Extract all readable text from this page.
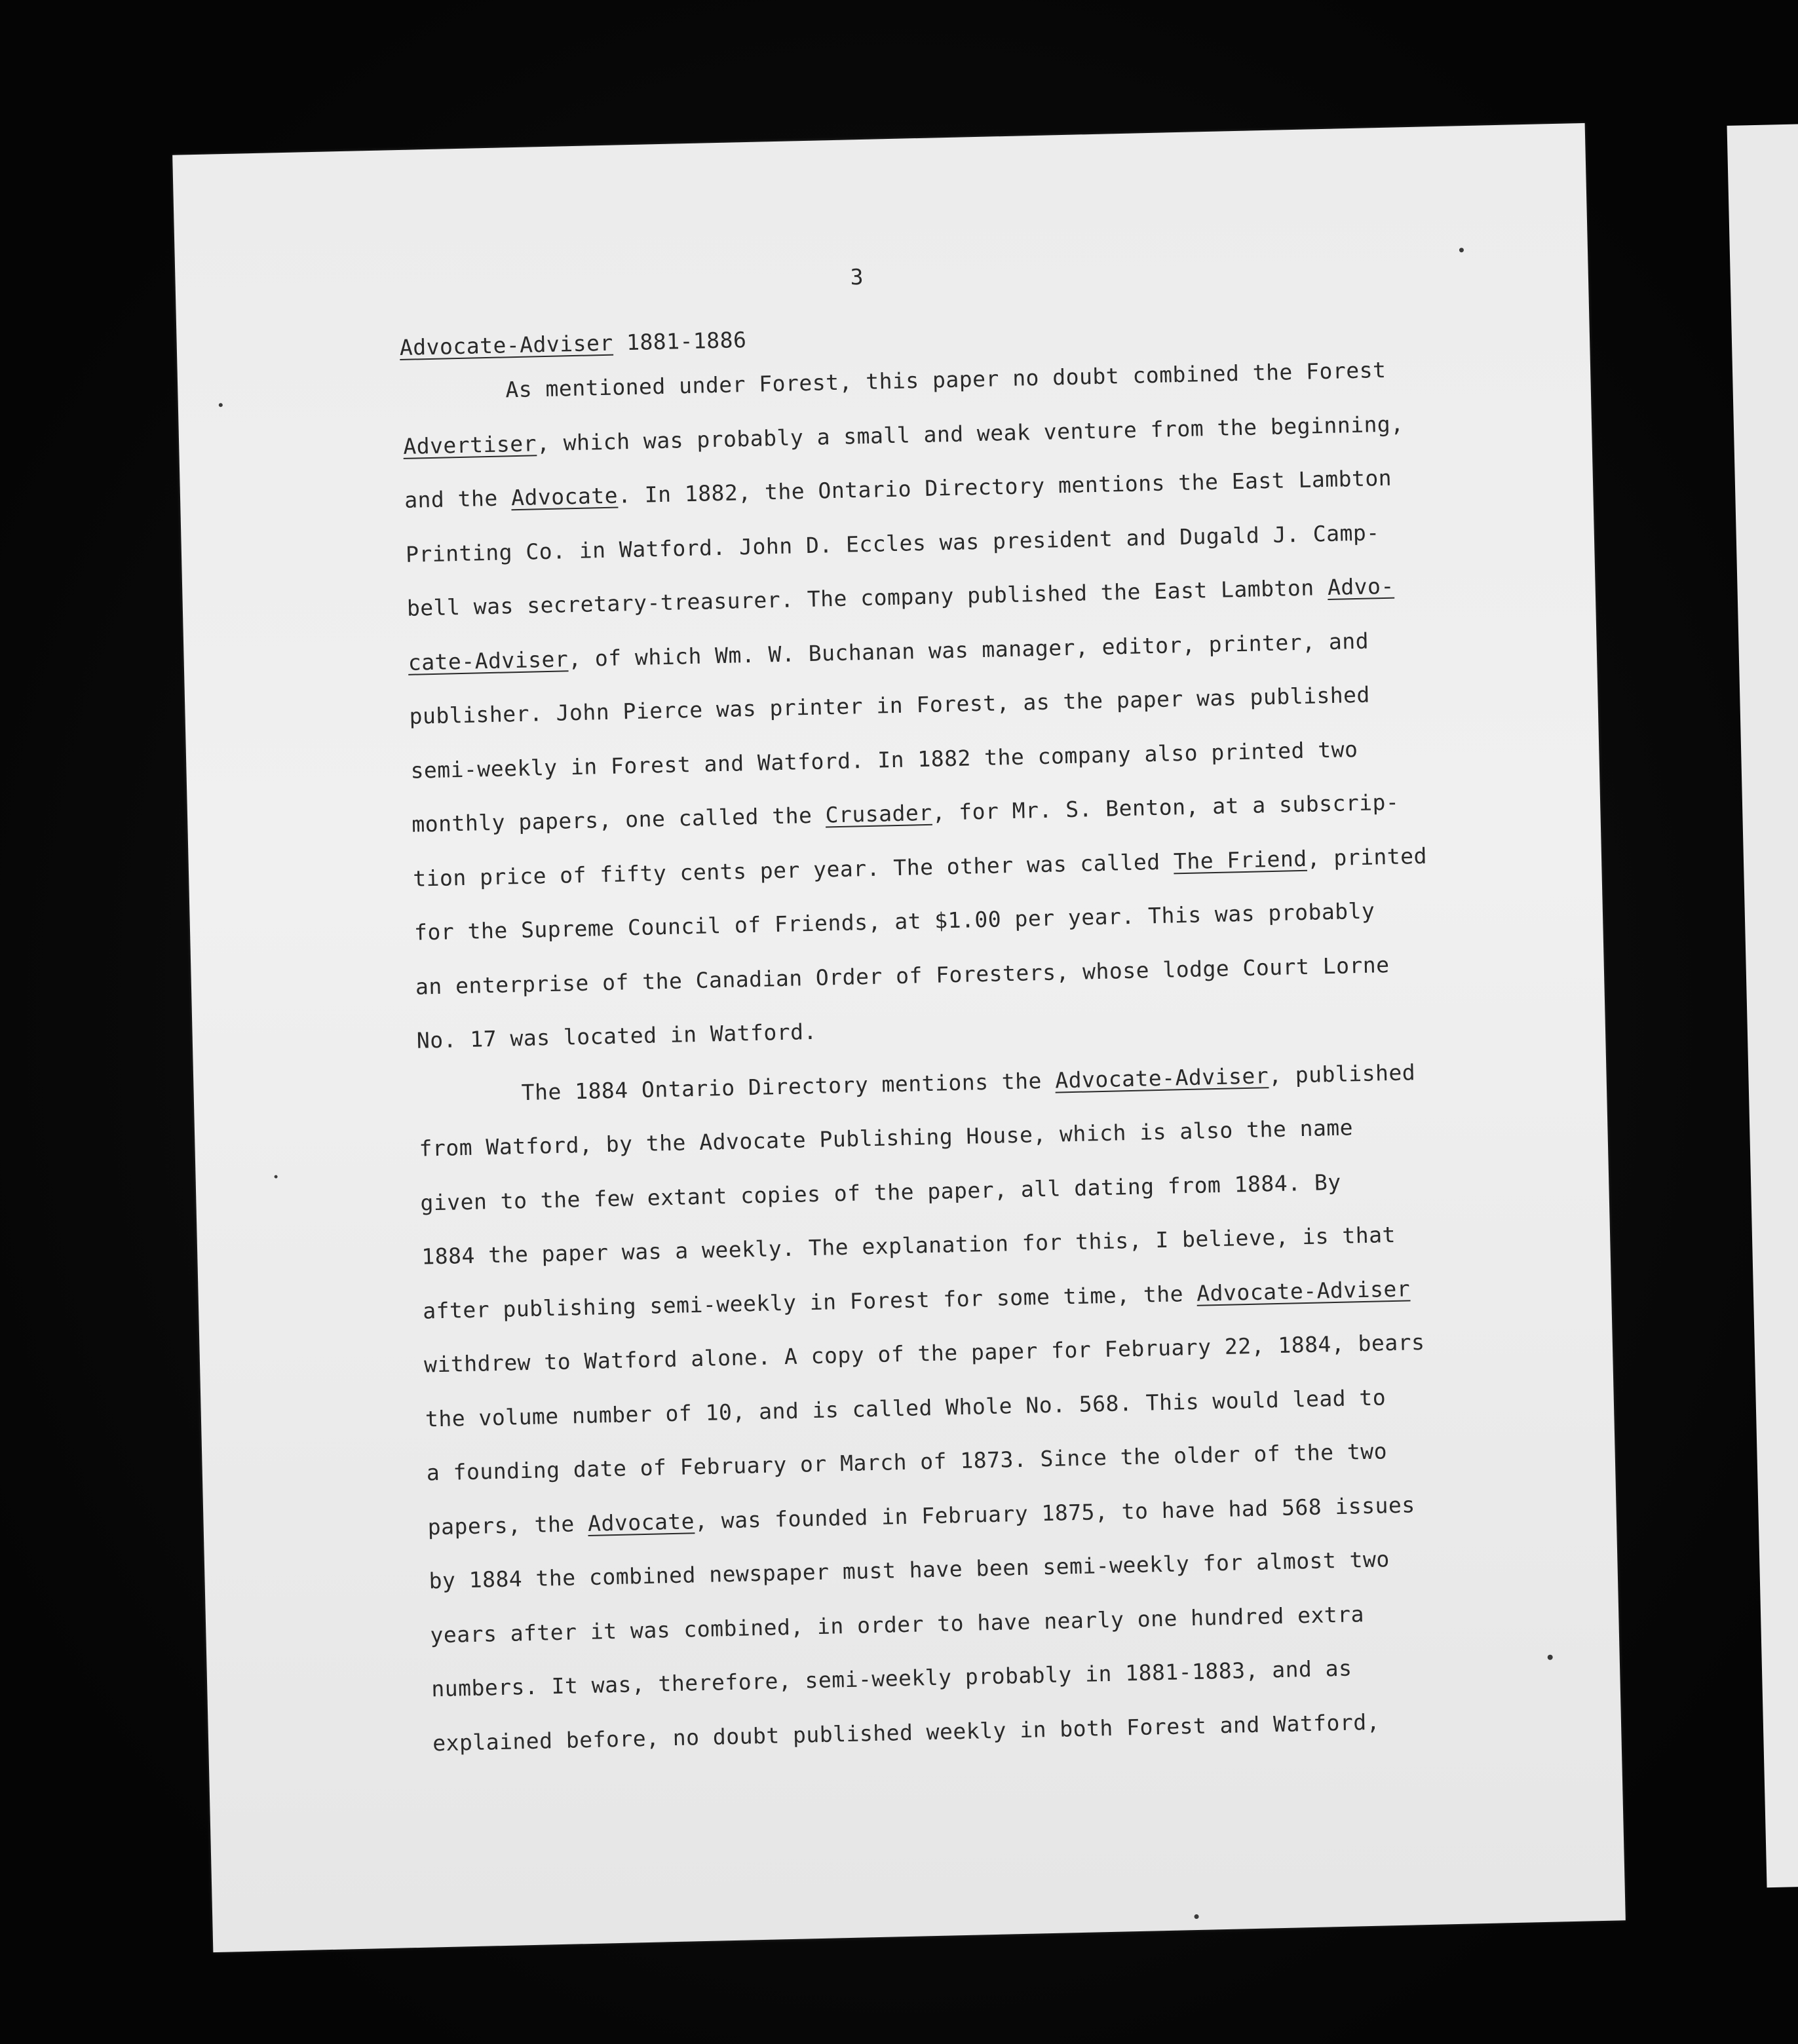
3
Advocate-Adviser 1881-1886
As mentioned under Forest, this paper no doubt combined the Forest
Advertiser, which was probably a small and weak venture from the beginning,
and the Advocate. In 1882, the Ontario Directory mentions the East Lambton
Printing Co. in Watford. John D. Eccles was president and Dugald J. Camp-
bell was secretary-treasurer. The company published the East Lambton Advo-
cate-Adviser, of which Wm. W. Buchanan was manager, editor, printer, and
publisher. John Pierce was printer in Forest, as the paper was published
semi-weekly in Forest and Watford. In 1882 the company also printed two
monthly papers, one called the Crusader, for Mr. S. Benton, at a subscrip-
tion price of fifty cents per year. The other was called The Friend, printed
for the Supreme Council of Friends, at $1.00 per year. This was probably
an enterprise of the Canadian Order of Foresters, whose lodge Court Lorne
No. 17 was located in Watford.
The 1884 Ontario Directory mentions the Advocate-Adviser, published
from Watford, by the Advocate Publishing House, which is also the name
given to the few extant copies of the paper, all dating from 1884. By
1884 the paper was a weekly. The explanation for this, I believe, is that
after publishing semi-weekly in Forest for some time, the Advocate-Adviser
withdrew to Watford alone. A copy of the paper for February 22, 1884, bears
the volume number of 10, and is called Whole No. 568. This would lead to
a founding date of February or March of 1873. Since the older of the two
papers, the Advocate, was founded in February 1875, to have had 568 issues
by 1884 the combined newspaper must have been semi-weekly for almost two
years after it was combined, in order to have nearly one hundred extra
numbers. It was, therefore, semi-weekly probably in 1881-1883, and as
explained before, no doubt published weekly in both Forest and Watford,
